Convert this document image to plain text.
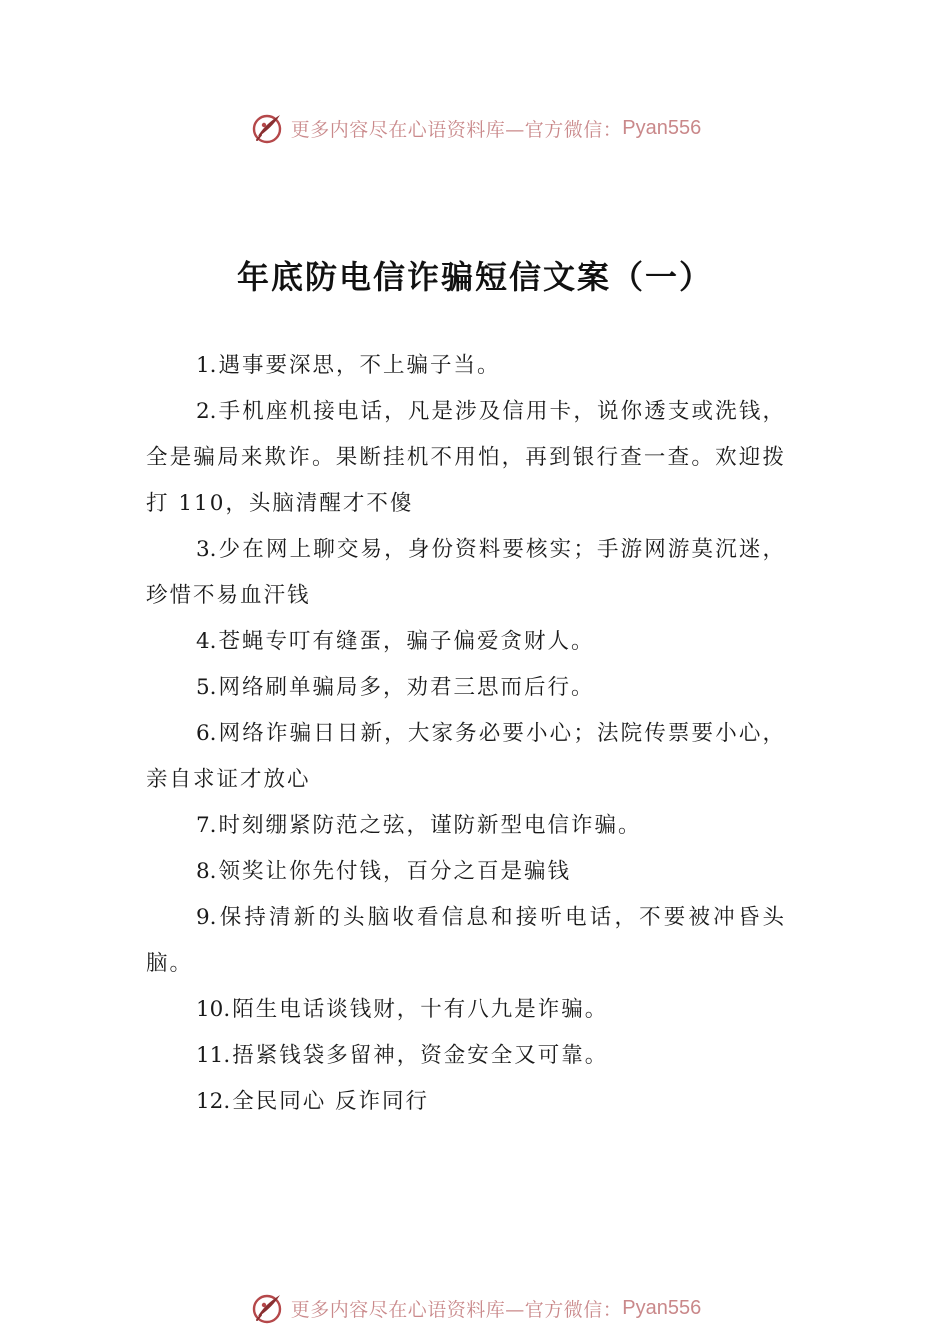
更多内容尽在心语资料库—官方微信： Pyan556
年底防电信诈骗短信文案（一）

1.遇事要深思，不上骗子当。

2.手机座机接电话，凡是涉及信用卡，说你透支或洗钱，全是骗局来欺诈。果断挂机不用怕，再到银行查一查。欢迎拨打 110，头脑清醒才不傻

3.少在网上聊交易，身份资料要核实；手游网游莫沉迷，珍惜不易血汗钱

4.苍蝇专叮有缝蛋，骗子偏爱贪财人。

5.网络刷单骗局多，劝君三思而后行。

6.网络诈骗日日新，大家务必要小心；法院传票要小心，亲自求证才放心

7.时刻绷紧防范之弦，谨防新型电信诈骗。

8.领奖让你先付钱，百分之百是骗钱

9.保持清新的头脑收看信息和接听电话，不要被冲昏头脑。

10.陌生电话谈钱财，十有八九是诈骗。

11.捂紧钱袋多留神，资金安全又可靠。

12.全民同心 反诈同行

更多内容尽在心语资料库—官方微信： Pyan556
